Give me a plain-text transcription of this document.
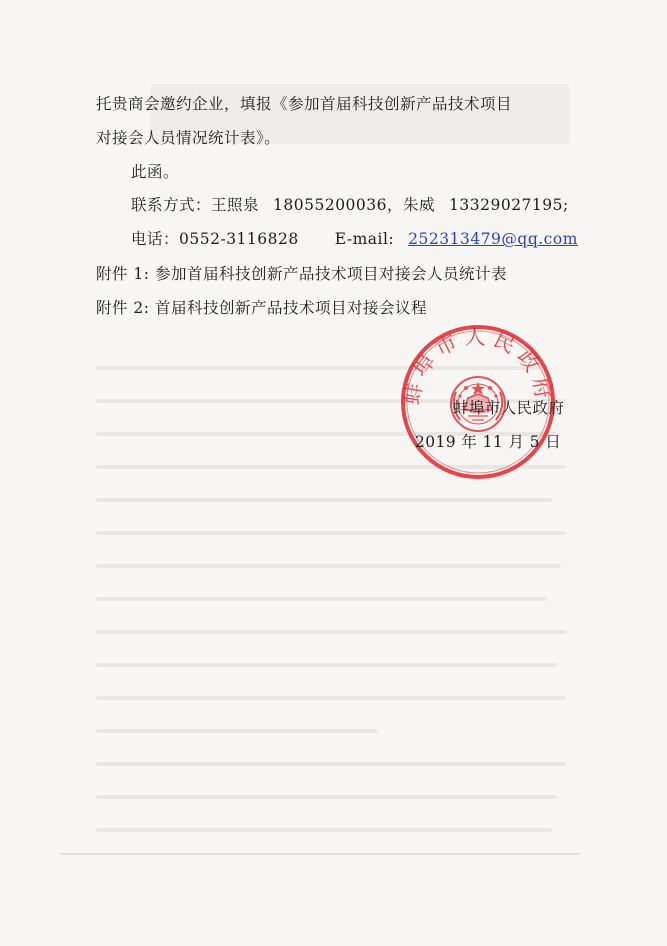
托贵商会邀约企业，填报《参加首届科技创新产品技术项目
对接会人员情况统计表》。
此函。
联系方式：王照泉 18055200036，朱威 13329027195;
电话：0552-3116828 E-mail: 252313479@qq.com
附件 1: 参加首届科技创新产品技术项目对接会人员统计表
附件 2: 首届科技创新产品技术项目对接会议程
蚌埠市人民政府
蚌埠市人民政府
2019 年 11 月 5 日
